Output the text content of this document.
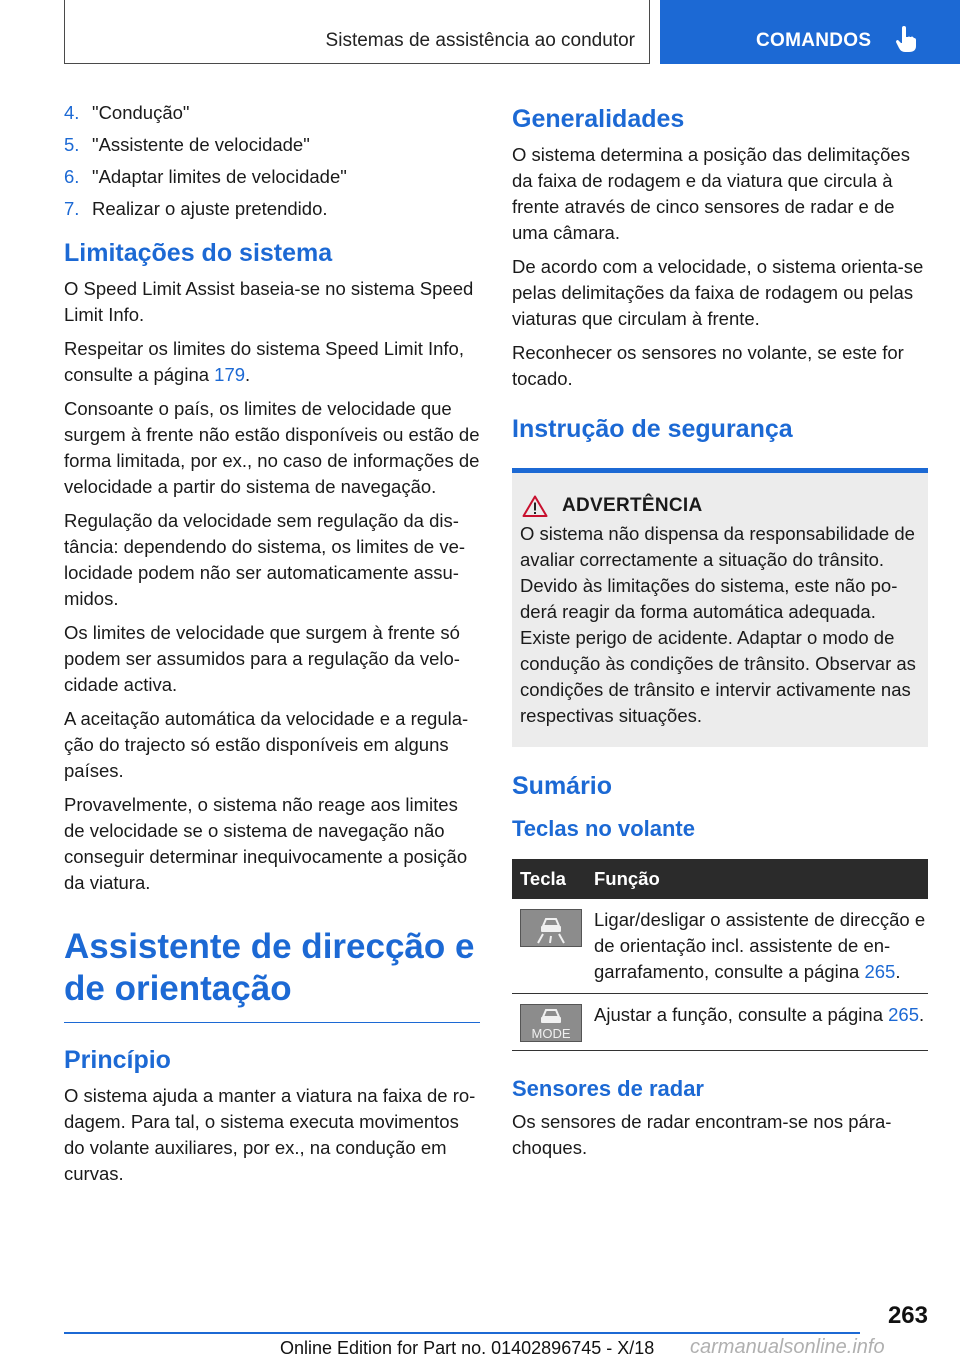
Sistemas de assistência ao condutor	COMANDOS
4. "Condução"
5. "Assistente de velocidade"
6. "Adaptar limites de velocidade"
7. Realizar o ajuste pretendido.
Limitações do sistema

O Speed Limit Assist baseia-se no sistema Speed Limit Info.

Respeitar os limites do sistema Speed Limit Info, consulte a página 179.

Consoante o país, os limites de velocidade que surgem à frente não estão disponíveis ou estão de forma limitada, por ex., no caso de informações de velocidade a partir do sistema de navegação.

Regulação da velocidade sem regulação da distância: dependendo do sistema, os limites de velocidade podem não ser automaticamente assumidos.

Os limites de velocidade que surgem à frente só podem ser assumidos para a regulação da velocidade activa.

A aceitação automática da velocidade e a regulação do trajecto só estão disponíveis em alguns países.

Provavelmente, o sistema não reage aos limites de velocidade se o sistema de navegação não conseguir determinar inequivocamente a posição da viatura.

Assistente de direcção e de orientação
Princípio

O sistema ajuda a manter a viatura na faixa de rodagem. Para tal, o sistema executa movimentos do volante auxiliares, por ex., na condução em curvas.

Generalidades

O sistema determina a posição das delimitações da faixa de rodagem e da viatura que circula à frente através de cinco sensores de radar e de uma câmara.

De acordo com a velocidade, o sistema orienta-se pelas delimitações da faixa de rodagem ou pelas viaturas que circulam à frente.

Reconhecer os sensores no volante, se este for tocado.

Instrução de segurança
ADVERTÊNCIA

O sistema não dispensa da responsabilidade de avaliar correctamente a situação do trânsito. Devido às limitações do sistema, este não poderá reagir da forma automática adequada. Existe perigo de acidente. Adaptar o modo de condução às condições de trânsito. Observar as condições de trânsito e intervir activamente nas respectivas situações.

Sumário
Teclas no volante
Tecla	Função

	Ligar/desligar o assistente de direcção e de orientação incl. assistente de engarrafamento, consulte a página 265.

MODE	Ajustar a função, consulte a página 265.
Sensores de radar

Os sensores de radar encontram-se nos pára-choques.

263
Online Edition for Part no. 01402896745 - X/18 carmanualsonline.info
